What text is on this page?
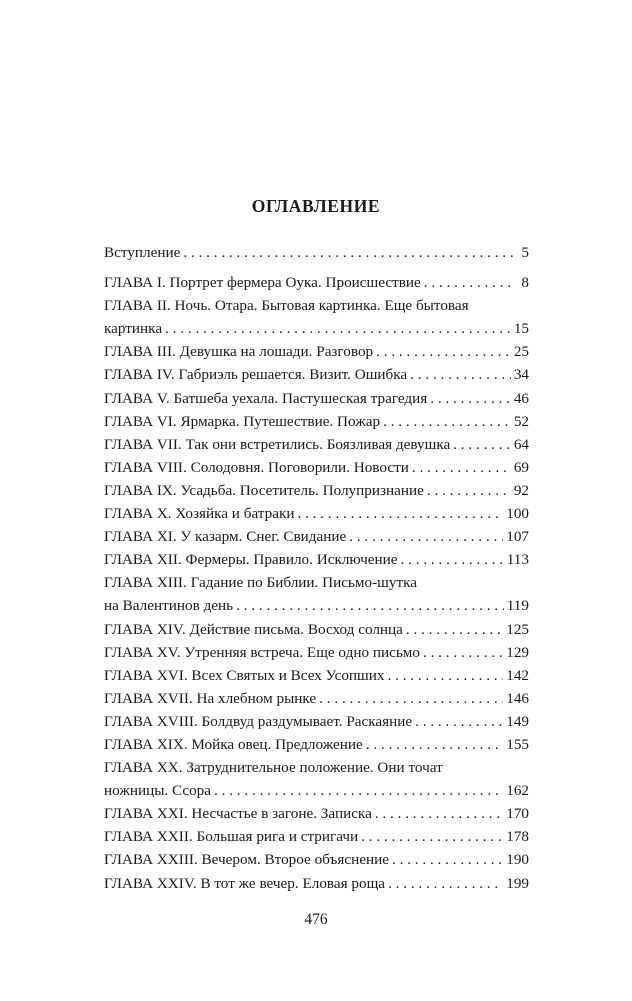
ОГЛАВЛЕНИЕ
Вступление . . .	5
ГЛАВА I. Портрет фермера Оука. Происшествие . . .	8
ГЛАВА II. Ночь. Отара. Бытовая картинка. Еще бытовая
картинка . . .	15
ГЛАВА III. Девушка на лошади. Разговор . . .	25
ГЛАВА IV. Габриэль решается. Визит. Ошибка . . .	34
ГЛАВА V. Батшеба уехала. Пастушеская трагедия . . .	46
ГЛАВА VI. Ярмарка. Путешествие. Пожар . . .	52
ГЛАВА VII. Так они встретились. Боязливая девушка . . .	64
ГЛАВА VIII. Солодовня. Поговорили. Новости . . .	69
ГЛАВА IX. Усадьба. Посетитель. Полупризнание . . .	92
ГЛАВА X. Хозяйка и батраки . . .	100
ГЛАВА XI. У казарм. Снег. Свидание . . .	107
ГЛАВА XII. Фермеры. Правило. Исключение . . .	113
ГЛАВА XIII. Гадание по Библии. Письмо-шутка
на Валентинов день . . .	119
ГЛАВА XIV. Действие письма. Восход солнца . . .	125
ГЛАВА XV. Утренняя встреча. Еще одно письмо . . .	129
ГЛАВА XVI. Всех Святых и Всех Усопших . . .	142
ГЛАВА XVII. На хлебном рынке . . .	146
ГЛАВА XVIII. Болдвуд раздумывает. Раскаяние . . .	149
ГЛАВА XIX. Мойка овец. Предложение . . .	155
ГЛАВА XX. Затруднительное положение. Они точат
ножницы. Ссора . . .	162
ГЛАВА XXI. Несчастье в загоне. Записка . . .	170
ГЛАВА XXII. Большая рига и стригачи . . .	178
ГЛАВА XXIII. Вечером. Второе объяснение . . .	190
ГЛАВА XXIV. В тот же вечер. Еловая роща . . .	199
476
